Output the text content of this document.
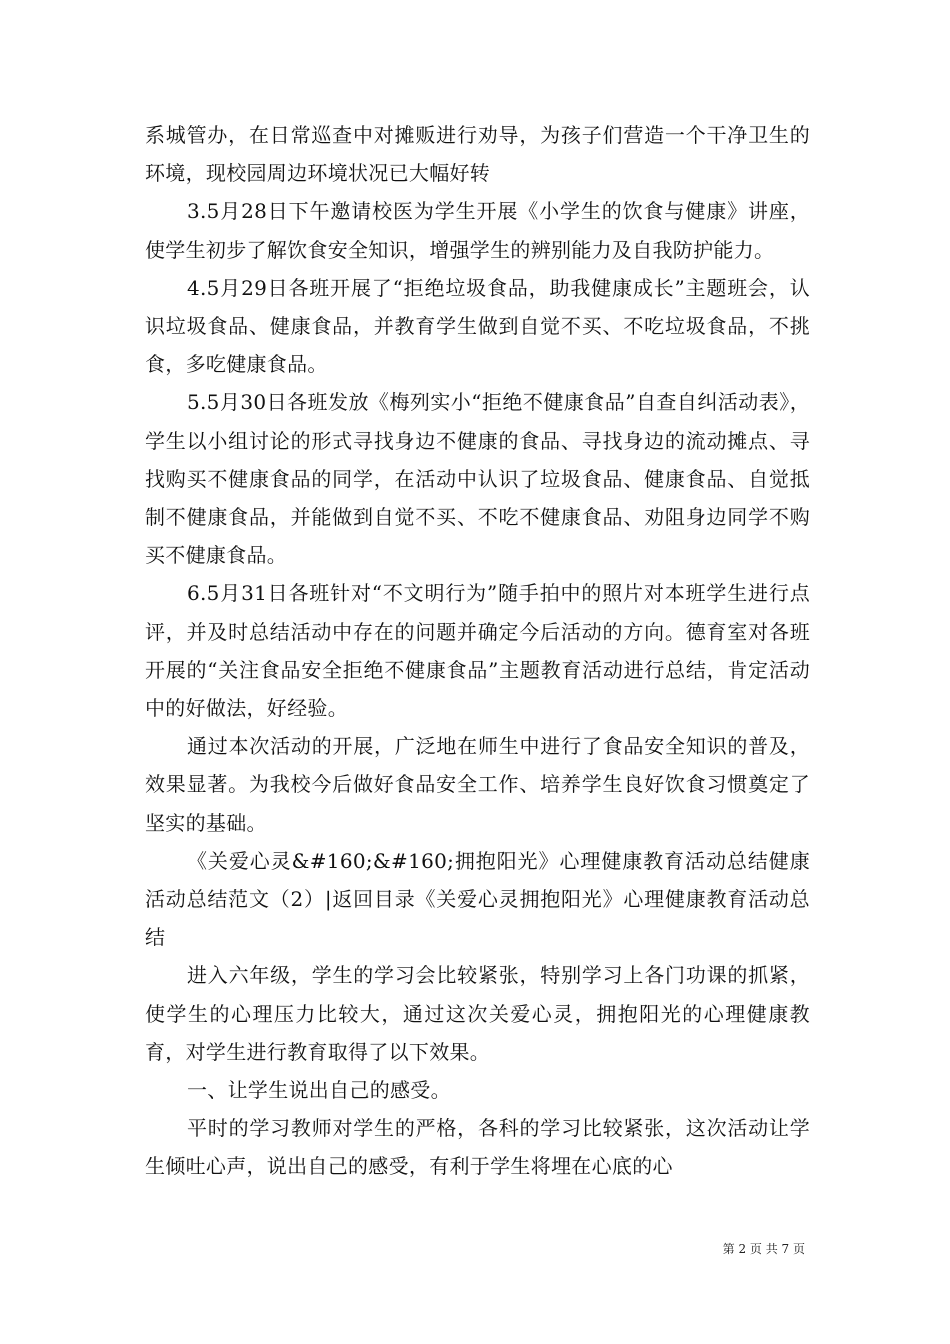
系城管办，在日常巡查中对摊贩进行劝导，为孩子们营造一个干净卫生的环境，现校园周边环境状况已大幅好转

3.5月28日下午邀请校医为学生开展《小学生的饮食与健康》讲座，使学生初步了解饮食安全知识，增强学生的辨别能力及自我防护能力。

4.5月29日各班开展了“拒绝垃圾食品，助我健康成长”主题班会，认识垃圾食品、健康食品，并教育学生做到自觉不买、不吃垃圾食品，不挑食，多吃健康食品。

5.5月30日各班发放《梅列实小“拒绝不健康食品”自查自纠活动表》，学生以小组讨论的形式寻找身边不健康的食品、寻找身边的流动摊点、寻找购买不健康食品的同学，在活动中认识了垃圾食品、健康食品、自觉抵制不健康食品，并能做到自觉不买、不吃不健康食品、劝阻身边同学不购买不健康食品。

6.5月31日各班针对“不文明行为”随手拍中的照片对本班学生进行点评，并及时总结活动中存在的问题并确定今后活动的方向。德育室对各班开展的“关注食品安全拒绝不健康食品”主题教育活动进行总结，肯定活动中的好做法，好经验。

通过本次活动的开展，广泛地在师生中进行了食品安全知识的普及，效果显著。为我校今后做好食品安全工作、培养学生良好饮食习惯奠定了坚实的基础。

《关爱心灵&#160;&#160;拥抱阳光》心理健康教育活动总结健康活动总结范文（2）|返回目录《关爱心灵拥抱阳光》心理健康教育活动总结

进入六年级，学生的学习会比较紧张，特别学习上各门功课的抓紧，使学生的心理压力比较大，通过这次关爱心灵，拥抱阳光的心理健康教育，对学生进行教育取得了以下效果。

一、让学生说出自己的感受。

平时的学习教师对学生的严格，各科的学习比较紧张，这次活动让学生倾吐心声，说出自己的感受，有利于学生将埋在心底的心

第 2 页 共 7 页
